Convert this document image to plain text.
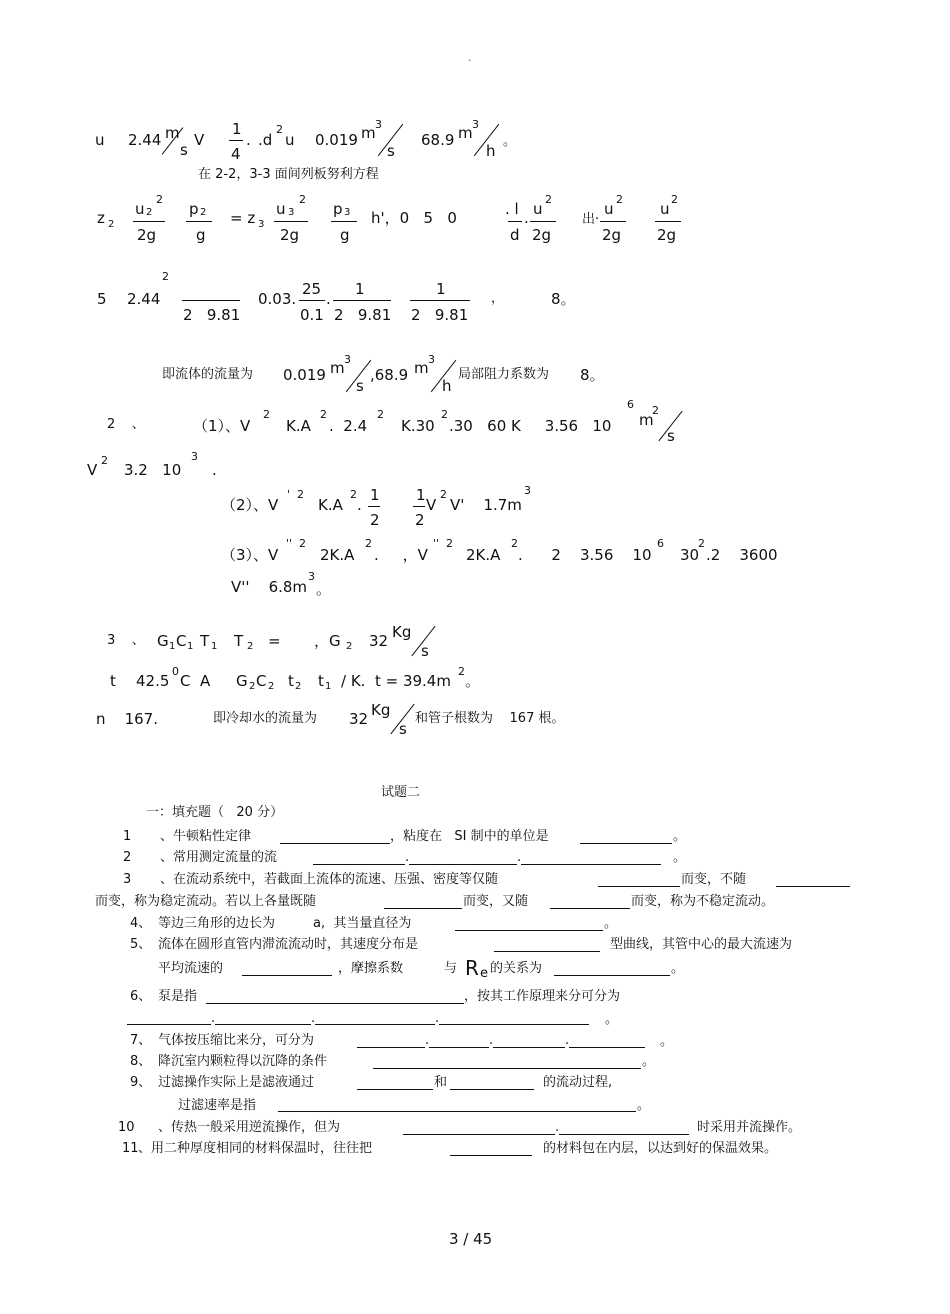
.
u 2.44 m
s
V
1
4
. .d
2
u 0.019 m 3
s
68.9 m 3
h
。
在 2-2，3-3 面间列板努利方程
z 2
u 2
2
2g
p 2
g
= z 3
u 3
2
2g
p 3
g
h'，0   5   0	. l
d
. u
2
2g
出·
u
2
2g
u
2
2g
5 2.44
2
2   9.81
0.03.
25
0.1
.
1
2   9.81
1
2   9.81
，	8。
即流体的流量为 0.019 m 3
s
,68.9 m 3
h
局部阻力系数为 8。
2    、	（1）、V
2
K.A
2
.  2.4
2
K.30
2
.30   60 K     3.56   10
6
m
2
s
V
2
3.2   10
3
.
（2）、V
'  2
K.A
2
.
1
2
1
2
V
2
V'    1.7m
3
（3）、V
''  2
2K.A
2
.     ，V
''  2
2K.A
2
.      2    3.56    10
6
30
2
.2    3600
V''    6.8m
3
。
3    、 G 1 C 1 T 1 T 2 = ，G 2 32 Kg
s
t 42.5
0
C  A G 2 C 2 t 2 t 1 / K.  t = 39.4m
2
。
n    167.	即冷却水的流量为 32 Kg
s
和管子根数为    167 根。
试题二
一：填充题（   20 分）
1 、牛顿粘性定律	，粘度在   SI 制中的单位是	。
2 、常用测定流量的流	.	.	。
3 、在流动系统中，若截面上流体的流速、压强、密度等仅随	而变，不随
而变，称为稳定流动。若以上各量既随	而变，又随	而变，称为不稳定流动。
4、 等边三角形的边长为	a,  其当量直径为	。
5、 流体在圆形直管内滞流流动时，其速度分布是	型曲线，其管中心的最大流速为
平均流速的	，摩擦系数	与 R e 的关系为	。
6、 泵是指	，按其工作原理来分可分为
.	.	.	。
7、 气体按压缩比来分，可分为	.	.	.	。
8、 降沉室内颗粒得以沉降的条件	。
9、 过滤操作实际上是滤液通过	和	的流动过程,
过滤速率是指	。
10 、传热一般采用逆流操作，但为	.	时采用并流操作。
11 、用二种厚度相同的材料保温时，往往把	的材料包在内层，以达到好的保温效果。
3 / 45
